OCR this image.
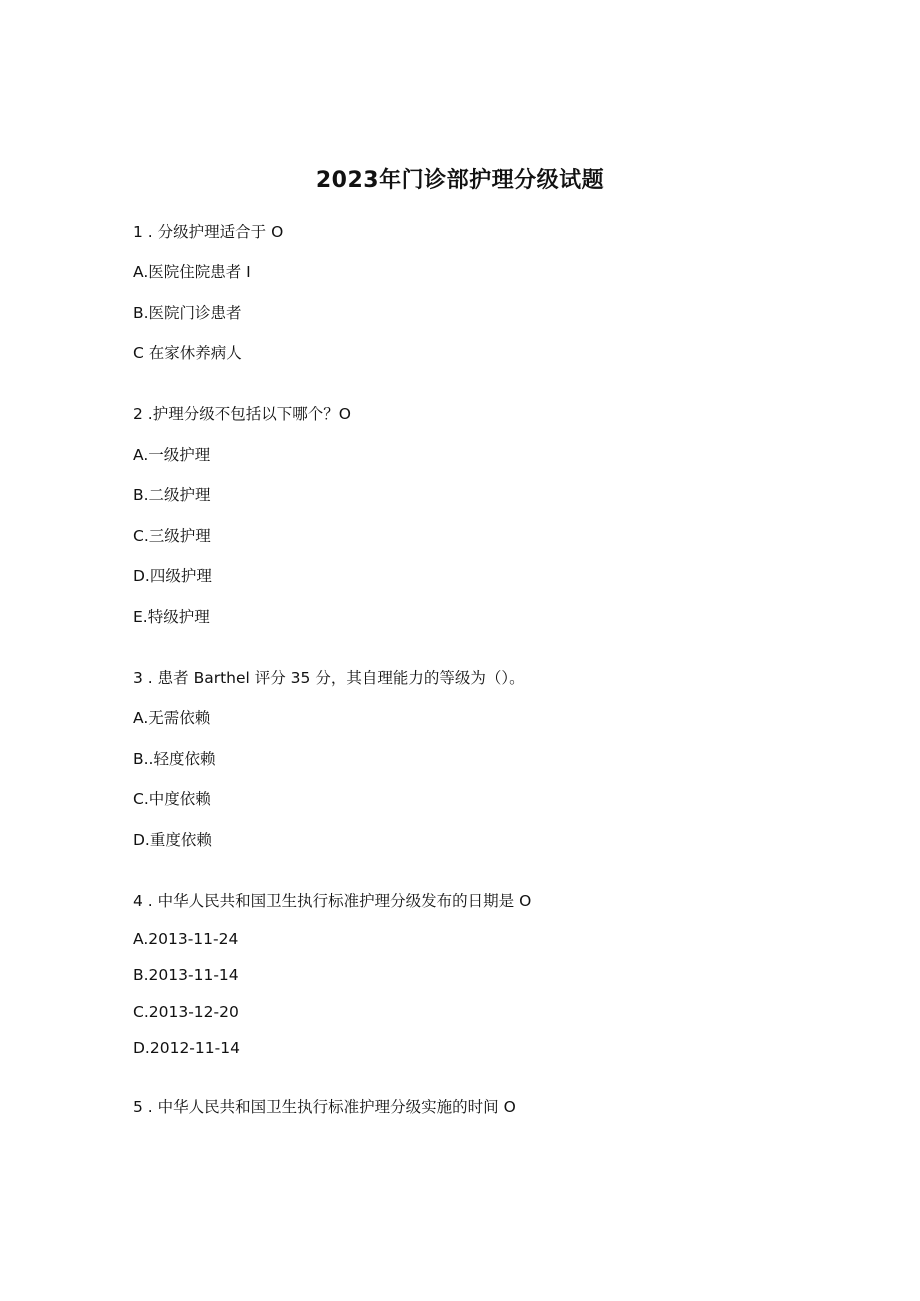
2023年门诊部护理分级试题
1 . 分级护理适合于 O
A.医院住院患者 I
B.医院门诊患者
C 在家休养病人
2 .护理分级不包括以下哪个？O
A.一级护理
B.二级护理
C.三级护理
D.四级护理
E.特级护理
3 . 患者 Barthel 评分 35 分，其自理能力的等级为（）。
A.无需依赖
B..轻度依赖
C.中度依赖
D.重度依赖
4 . 中华人民共和国卫生执行标准护理分级发布的日期是 O
A.2013-11-24
B.2013-11-14
C.2013-12-20
D.2012-11-14
5 . 中华人民共和国卫生执行标准护理分级实施的时间 O
